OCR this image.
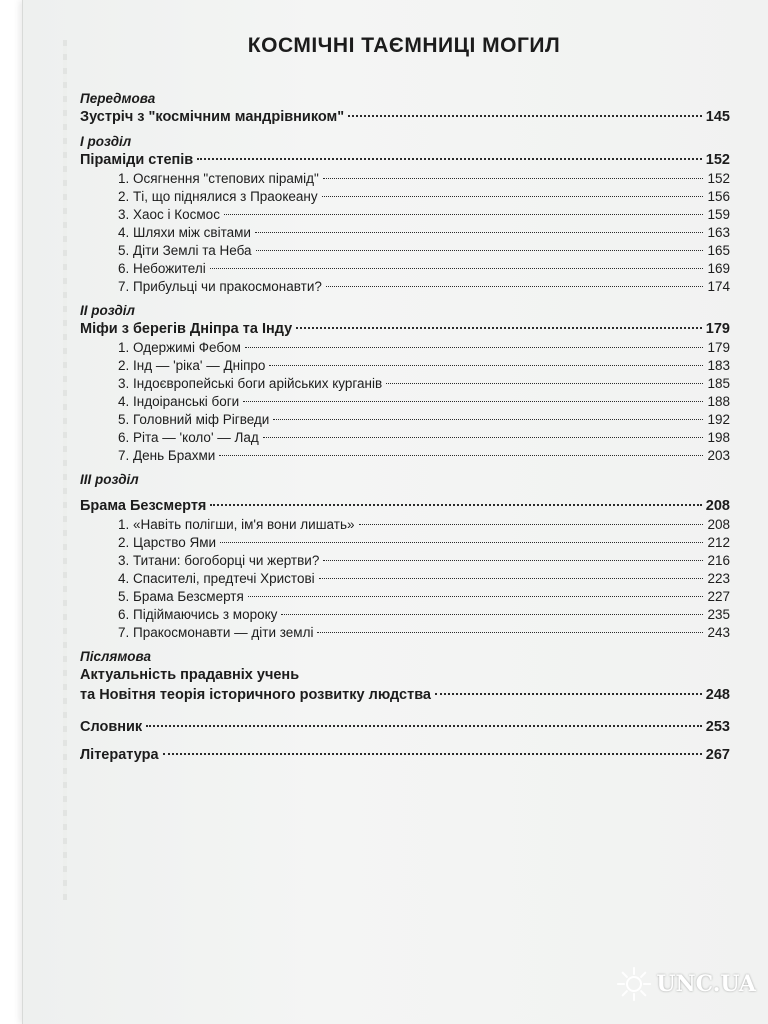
КОСМІЧНІ ТАЄМНИЦІ МОГИЛ
Передмова
Зустріч з "космічним мандрівником"	145
І розділ
Піраміди степів	152
1. Осягнення "степових пірамід"	152
2. Ті, що піднялися з Праокеану	156
3. Хаос і Космос	159
4. Шляхи між світами	163
5. Діти Землі та Неба	165
6. Небожителі	169
7. Прибульці чи пракосмонавти?	174
ІІ розділ
Міфи з берегів Дніпра та Інду	179
1. Одержимі Фебом	179
2. Інд — 'ріка' — Дніпро	183
3. Індоєвропейські боги арійських курганів	185
4. Індоіранські боги	188
5. Головний міф Рігведи	192
6. Ріта — 'коло' — Лад	198
7. День Брахми	203
ІІІ розділ
Брама Безсмертя	208
1. «Навіть полігши, ім'я вони лишать»	208
2. Царство Ями	212
3. Титани: богоборці чи жертви?	216
4. Спасителі, предтечі Христові	223
5. Брама Безсмертя	227
6. Підіймаючись з мороку	235
7. Пракосмонавти — діти землі	243
Післямова
Актуальність прадавніх учень
та Новітня теорія історичного розвитку людства	248
Словник	253
Література	267
UNC.UA
